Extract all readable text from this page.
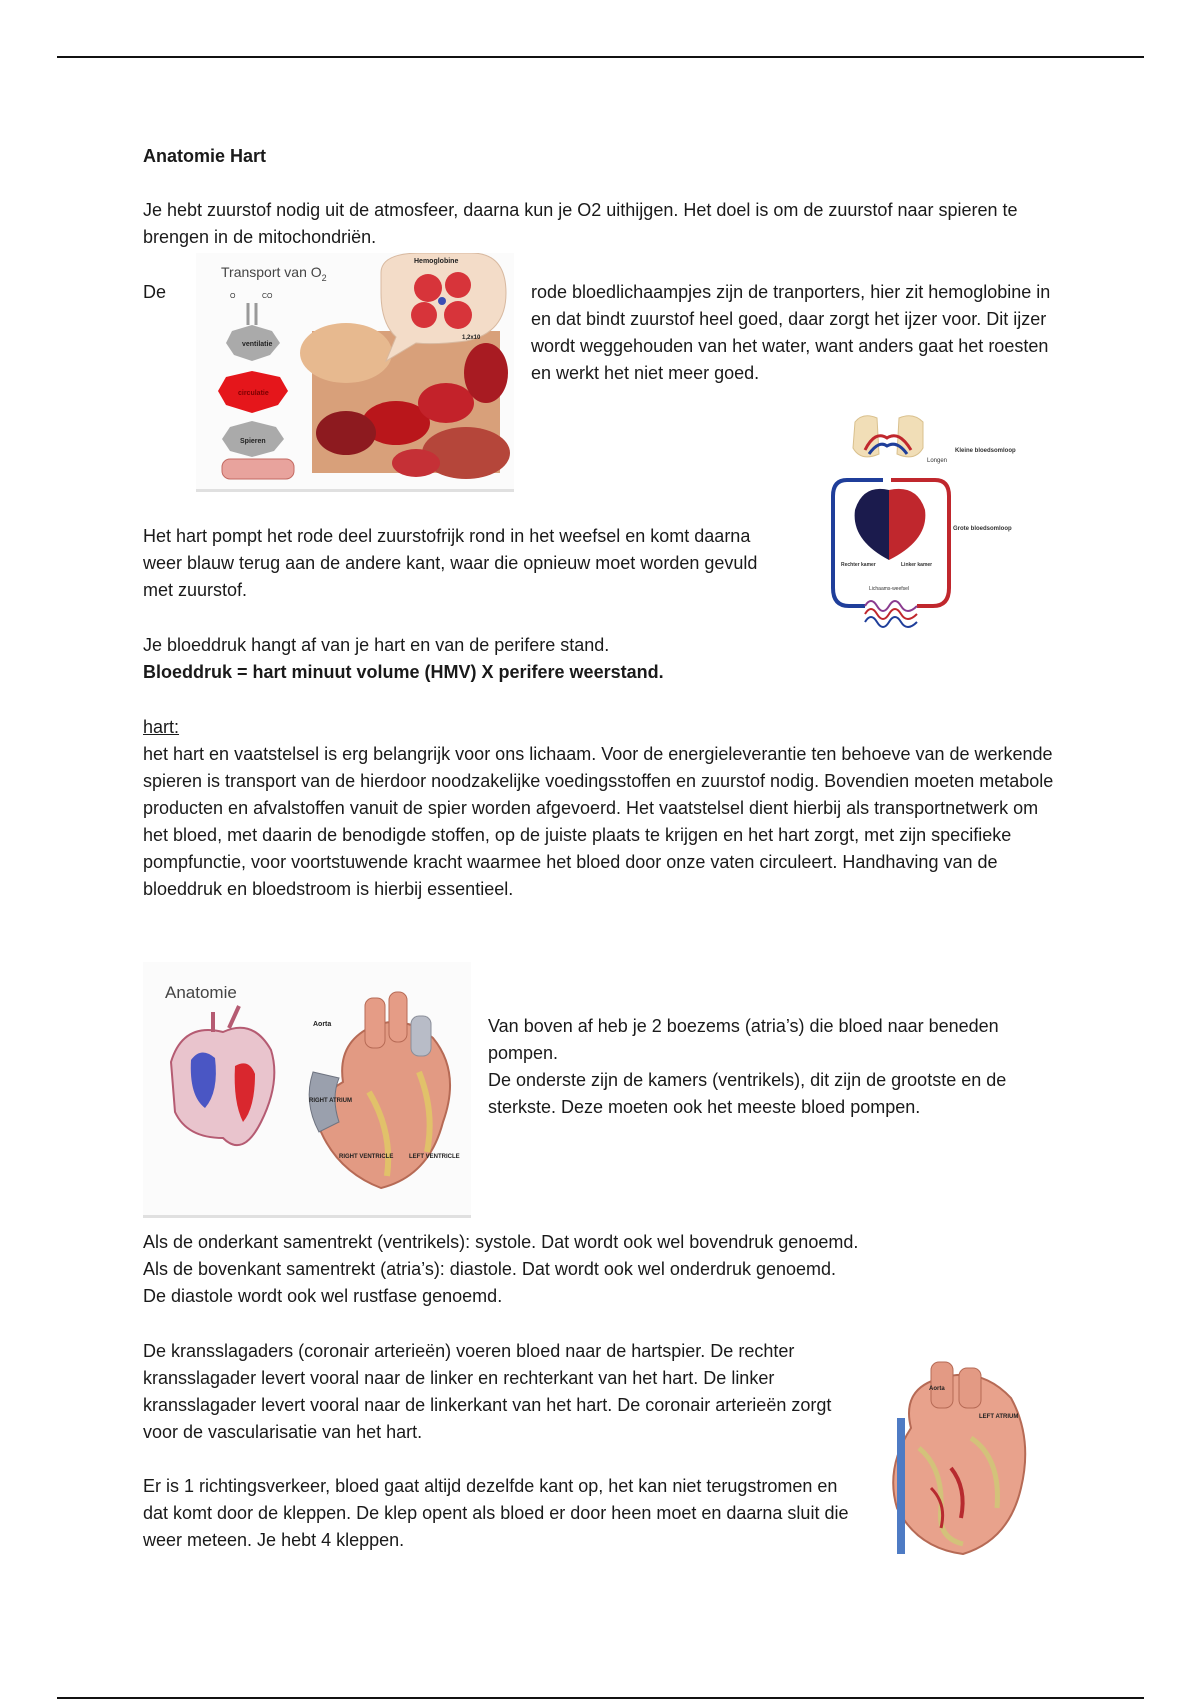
Anatomie Hart

Je hebt zuurstof nodig uit de atmosfeer, daarna kun je O2 uithijgen. Het doel is om de zuurstof naar spieren te brengen in de mitochondriën.

De

Transport van $O_2$
O	CO
ventilatie
circulatie
Spieren
Hemoglobine
1,2x10

rode bloedlichaampjes zijn de tranporters, hier zit hemoglobine in en dat bindt zuurstof heel goed, daar zorgt het ijzer voor. Dit ijzer wordt weggehouden van het water, want anders gaat het roesten en werkt het niet meer goed.

Longen
Kleine bloedsomloop
Grote bloedsomloop
Rechter kamer	Linker kamer
Lichaams-weefsel

Het hart pompt het rode deel zuurstofrijk rond in het weefsel en komt daarna weer blauw terug aan de andere kant, waar die opnieuw moet worden gevuld met zuurstof.

Je bloeddruk hangt af van je hart en van de perifere stand.

Bloeddruk = hart minuut volume (HMV) X perifere weerstand.

hart:

het hart en vaatstelsel is erg belangrijk voor ons lichaam. Voor de energieleverantie ten behoeve van de werkende spieren is transport van de hierdoor noodzakelijke voedingsstoffen en zuurstof nodig. Bovendien moeten metabole producten en afvalstoffen vanuit de spier worden afgevoerd. Het vaatstelsel dient hierbij als transportnetwerk om het bloed, met daarin de benodigde stoffen, op de juiste plaats te krijgen en het hart zorgt, met zijn specifieke pompfunctie, voor voortstuwende kracht waarmee het bloed door onze vaten circuleert. Handhaving van de bloeddruk en bloedstroom is hierbij essentieel.

Anatomie
Aorta
RIGHT ATRIUM
RIGHT VENTRICLE	LEFT VENTRICLE

Van boven af heb je 2 boezems (atria’s) die bloed naar beneden pompen.

De onderste zijn de kamers (ventrikels), dit zijn de grootste en de sterkste. Deze moeten ook het meeste bloed pompen.

Als de onderkant samentrekt (ventrikels): systole. Dat wordt ook wel bovendruk genoemd.

Als de bovenkant samentrekt (atria’s): diastole. Dat wordt ook wel onderdruk genoemd.

De diastole wordt ook wel rustfase genoemd.

De kransslagaders (coronair arterieën) voeren bloed naar de hartspier. De rechter kransslagader levert vooral naar de linker en rechterkant van het hart. De linker kransslagader levert vooral naar de linkerkant van het hart. De coronair arterieën zorgt voor de vascularisatie van het hart.

Aorta
LEFT ATRIUM

Er is 1 richtingsverkeer, bloed gaat altijd dezelfde kant op, het kan niet terugstromen en dat komt door de kleppen. De klep opent als bloed er door heen moet en daarna sluit die weer meteen. Je hebt 4 kleppen.
